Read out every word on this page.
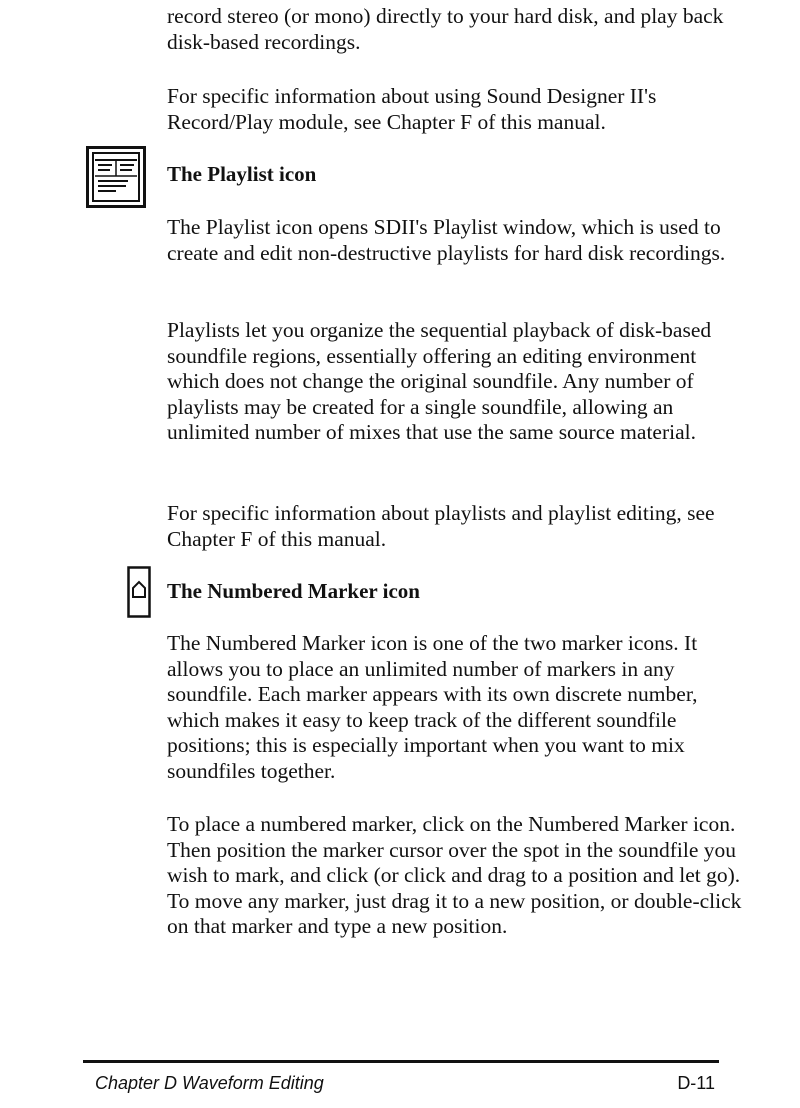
record stereo (or mono) directly to your hard disk, and play back disk-based recordings.

For specific information about using Sound Designer II's Record/Play module, see Chapter F of this manual.

The Playlist icon

The Playlist icon opens SDII's Playlist window, which is used to create and edit non-destructive playlists for hard disk recordings.

Playlists let you organize the sequential playback of disk-based soundfile regions, essentially offering an editing environment which does not change the original soundfile. Any number of playlists may be created for a single soundfile, allowing an unlimited number of mixes that use the same source material.

For specific information about playlists and playlist editing, see Chapter F of this manual.

The Numbered Marker icon

The Numbered Marker icon is one of the two marker icons. It allows you to place an unlimited number of markers in any soundfile. Each marker appears with its own discrete number, which makes it easy to keep track of the different soundfile positions; this is especially important when you want to mix soundfiles together.

To place a numbered marker, click on the Numbered Marker icon. Then position the marker cursor over the spot in the soundfile you wish to mark, and click (or click and drag to a position and let go). To move any marker, just drag it to a new position, or double-click on that marker and type a new position.

Chapter D Waveform Editing	D-11
